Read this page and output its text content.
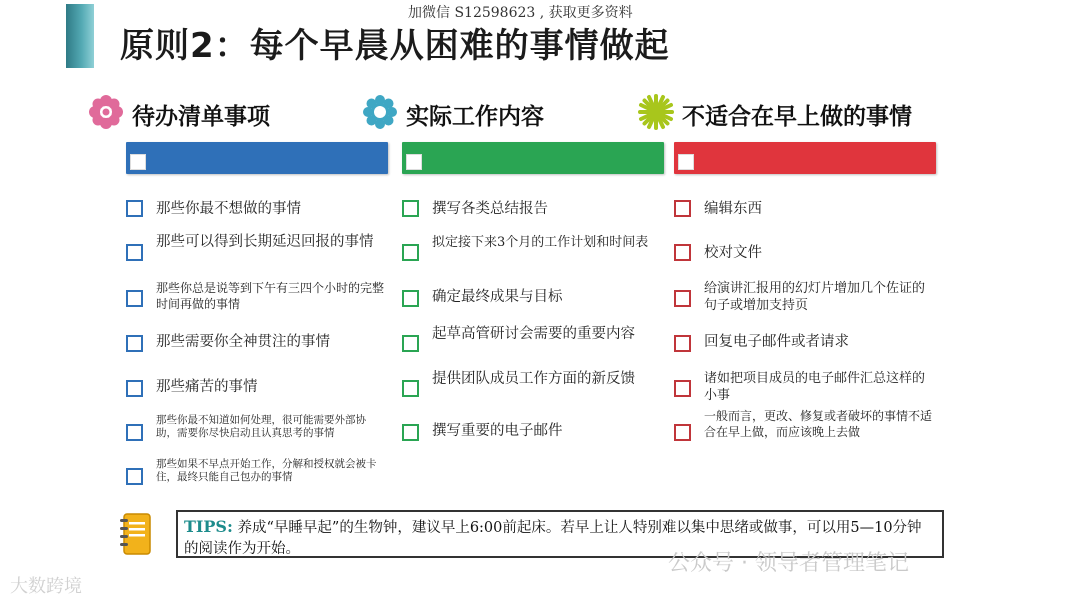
加微信 S12598623 , 获取更多资料
原则2：每个早晨从困难的事情做起
待办清单事项
那些你最不想做的事情
那些可以得到长期延迟回报的事情
那些你总是说等到下午有三四个小时的完整时间再做的事情
那些需要你全神贯注的事情
那些痛苦的事情
那些你最不知道如何处理，很可能需要外部协助，需要你尽快启动且认真思考的事情
那些如果不早点开始工作，分解和授权就会被卡住，最终只能自己包办的事情
实际工作内容
撰写各类总结报告
拟定接下来3个月的工作计划和时间表
确定最终成果与目标
起草高管研讨会需要的重要内容
提供团队成员工作方面的新反馈
撰写重要的电子邮件
不适合在早上做的事情
编辑东西
校对文件
给演讲汇报用的幻灯片增加几个佐证的句子或增加支持页
回复电子邮件或者请求
诸如把项目成员的电子邮件汇总这样的小事
一般而言，更改、修复或者破坏的事情不适合在早上做，而应该晚上去做
TIPS: 养成“早睡早起”的生物钟，建议早上6:00前起床。若早上让人特别难以集中思绪或做事，可以用5—10分钟的阅读作为开始。
公众号 · 领导者管理笔记
大数跨境
